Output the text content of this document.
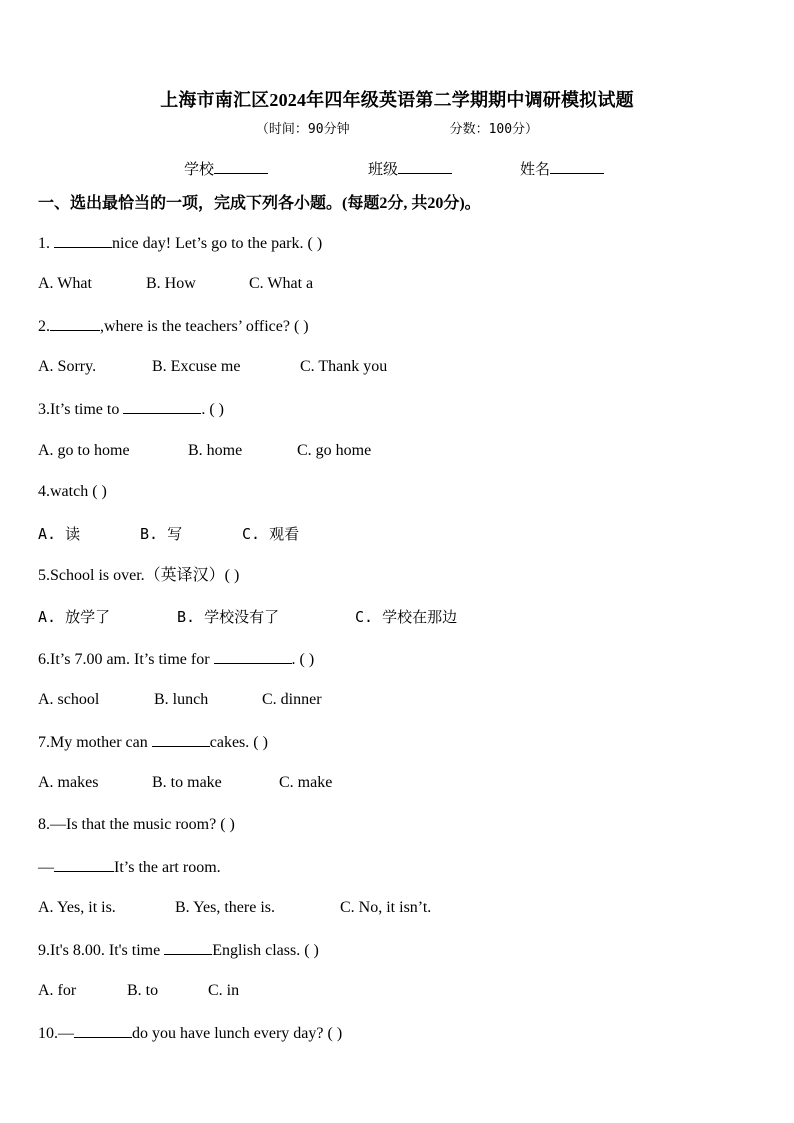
上海市南汇区2024年四年级英语第二学期期中调研模拟试题
（时间：90分钟	分数：100分）
学校	班级	姓名
一、选出最恰当的一项，完成下列各小题。(每题2分, 共20分)。
1.	nice day! Let’s go to the park. ( )
A. What	B. How	C. What a
2.	,where is the teachers’ office? ( )
A. Sorry.	B. Excuse me	C. Thank you
3.It’s time to	. ( )
A. go to home	B. home	C. go home
4.watch ( )
A. 读	B. 写	C. 观看
5.School is over.（英译汉）( )
A. 放学了	B. 学校没有了	C. 学校在那边
6.It’s 7.00 am. It’s time for	. ( )
A. school	B. lunch	C. dinner
7.My mother can	cakes. ( )
A. makes	B. to make	C. make
8.—Is that the music room? ( )
—	It’s the art room.
A. Yes, it is.	B. Yes, there is.	C. No, it isn’t.
9.It's 8.00. It's time	English class. ( )
A. for	B. to	C. in
10.—	do you have lunch every day? ( )
